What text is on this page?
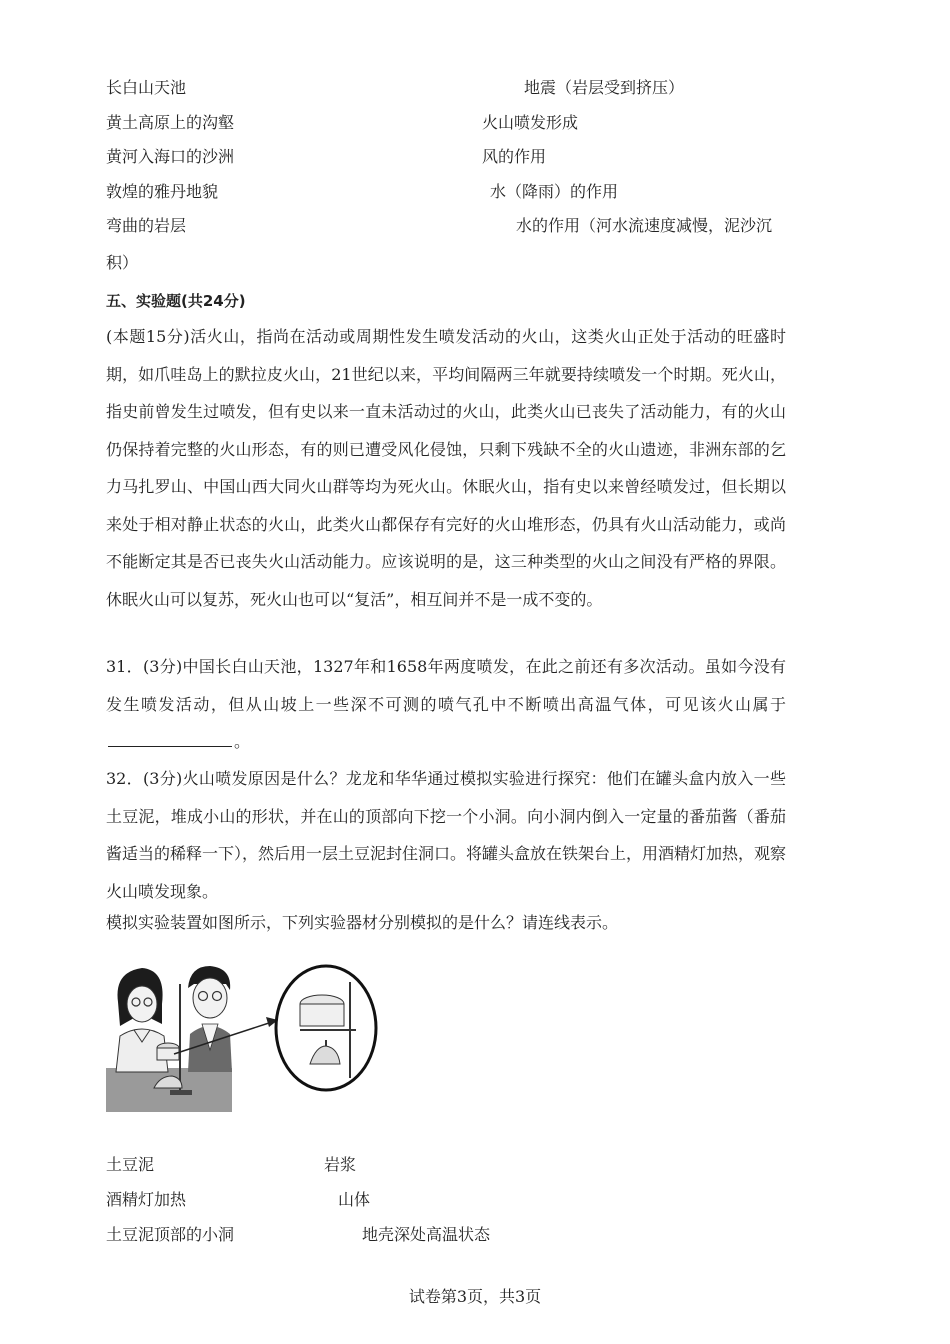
长白山天池	地震（岩层受到挤压）
黄土高原上的沟壑	火山喷发形成
黄河入海口的沙洲	风的作用
敦煌的雅丹地貌	水（降雨）的作用
弯曲的岩层	水的作用（河水流速度减慢，泥沙沉
积）
五、实验题(共24分)
(本题15分)活火山，指尚在活动或周期性发生喷发活动的火山，这类火山正处于活动的旺盛时期，如爪哇岛上的默拉皮火山，21世纪以来，平均间隔两三年就要持续喷发一个时期。死火山，指史前曾发生过喷发，但有史以来一直未活动过的火山，此类火山已丧失了活动能力，有的火山仍保持着完整的火山形态，有的则已遭受风化侵蚀，只剩下残缺不全的火山遗迹，非洲东部的乞力马扎罗山、中国山西大同火山群等均为死火山。休眠火山，指有史以来曾经喷发过，但长期以来处于相对静止状态的火山，此类火山都保存有完好的火山堆形态，仍具有火山活动能力，或尚不能断定其是否已丧失火山活动能力。应该说明的是，这三种类型的火山之间没有严格的界限。休眠火山可以复苏，死火山也可以“复活”，相互间并不是一成不变的。
31．(3分)中国长白山天池，1327年和1658年两度喷发，在此之前还有多次活动。虽如今没有发生喷发活动，但从山坡上一些深不可测的喷气孔中不断喷出高温气体，可见该火山属于。
32．(3分)火山喷发原因是什么？龙龙和华华通过模拟实验进行探究：他们在罐头盒内放入一些土豆泥，堆成小山的形状，并在山的顶部向下挖一个小洞。向小洞内倒入一定量的番茄酱（番茄酱适当的稀释一下），然后用一层土豆泥封住洞口。将罐头盒放在铁架台上，用酒精灯加热，观察火山喷发现象。
模拟实验装置如图所示，下列实验器材分别模拟的是什么？请连线表示。
土豆泥	岩浆
酒精灯加热	山体
土豆泥顶部的小洞	地壳深处高温状态
试卷第3页，共3页
